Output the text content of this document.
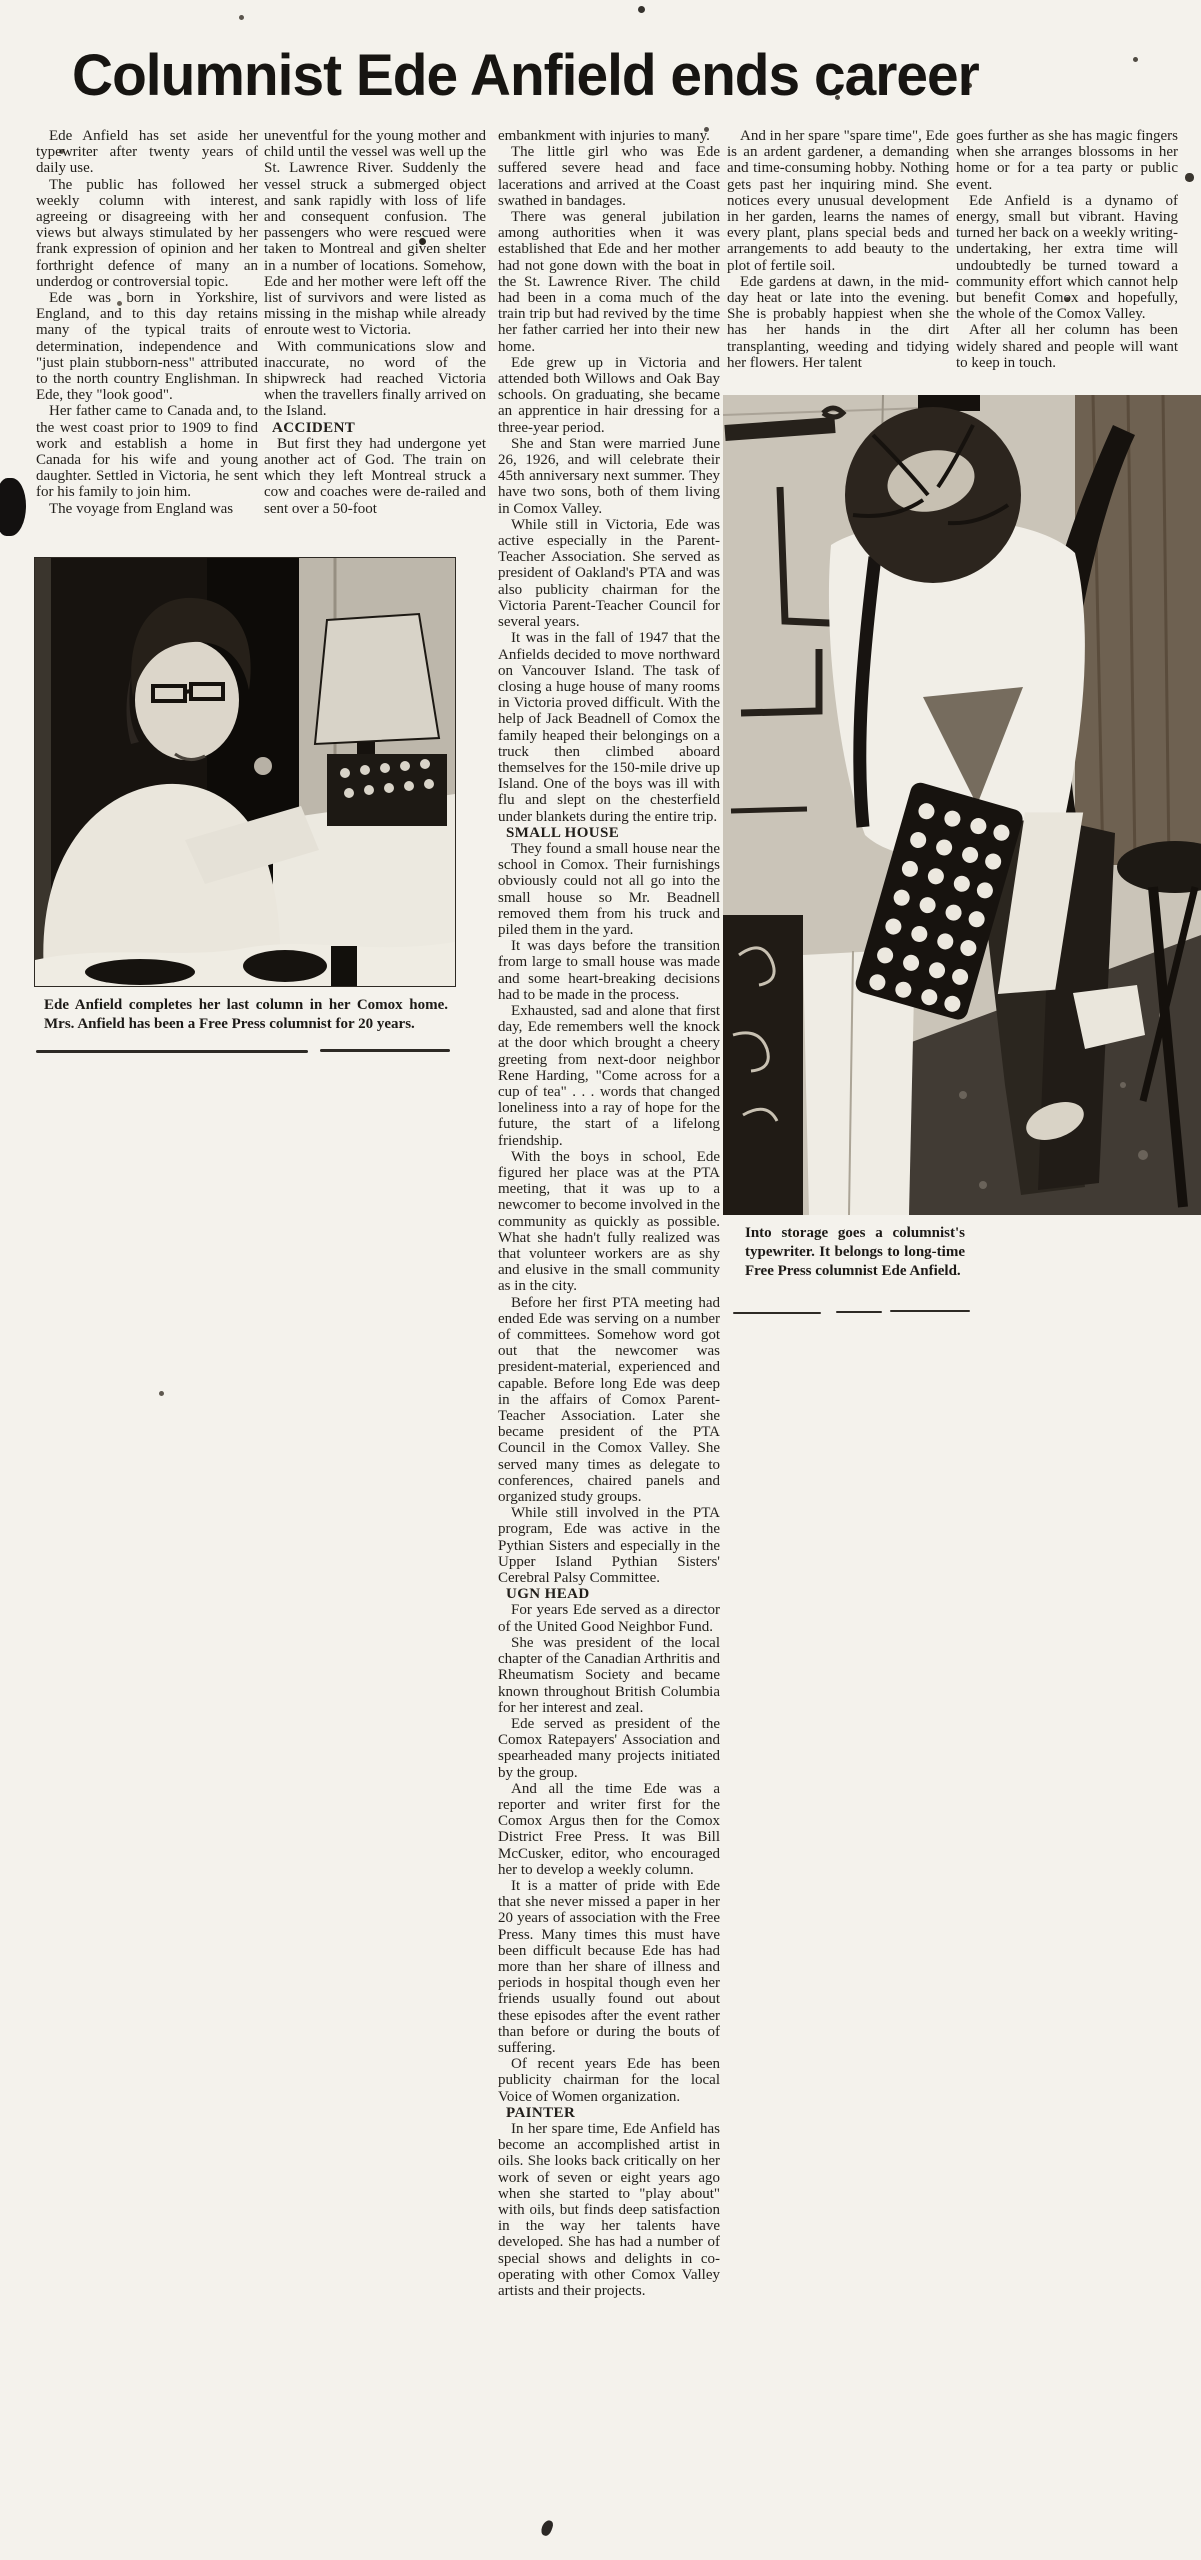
Columnist Ede Anfield ends career

Ede Anfield has set aside her typewriter after twenty years of daily use.

The public has followed her weekly column with interest, agreeing or disagreeing with her views but always stimulated by her frank expression of opinion and her forthright defence of many an underdog or controversial topic.

Ede was born in Yorkshire, England, and to this day retains many of the typical traits of determination, independence and "just plain stubborn-ness" attributed to the north country Englishman. In Ede, they "look good".

Her father came to Canada and, to the west coast prior to 1909 to find work and establish a home in Canada for his wife and young daughter. Settled in Victoria, he sent for his family to join him.

The voyage from England was

uneventful for the young mother and child until the vessel was well up the St. Lawrence River. Suddenly the vessel struck a submerged object and sank rapidly with loss of life and consequent confusion. The passengers who were rescued were taken to Montreal and given shelter in a number of locations. Somehow, Ede and her mother were left off the list of survivors and were listed as missing in the mishap while already enroute west to Victoria.

With communications slow and inaccurate, no word of the shipwreck had reached Victoria when the travellers finally arrived on the Island.

ACCIDENT

But first they had undergone yet another act of God. The train on which they left Montreal struck a cow and coaches were de-railed and sent over a 50-foot

embankment with injuries to many.

The little girl who was Ede suffered severe head and face lacerations and arrived at the Coast swathed in bandages.

There was general jubilation among authorities when it was established that Ede and her mother had not gone down with the boat in the St. Lawrence River. The child had been in a coma much of the train trip but had revived by the time her father carried her into their new home.

Ede grew up in Victoria and attended both Willows and Oak Bay schools. On graduating, she became an apprentice in hair dressing for a three-year period.

She and Stan were married June 26, 1926, and will celebrate their 45th anniversary next summer. They have two sons, both of them living in Comox Valley.

While still in Victoria, Ede was active especially in the Parent-Teacher Association. She served as president of Oakland's PTA and was also publicity chairman for the Victoria Parent-Teacher Council for several years.

It was in the fall of 1947 that the Anfields decided to move northward on Vancouver Island. The task of closing a huge house of many rooms in Victoria proved difficult. With the help of Jack Beadnell of Comox the family heaped their belongings on a truck then climbed aboard themselves for the 150-mile drive up Island. One of the boys was ill with flu and slept on the chesterfield under blankets during the entire trip.

SMALL HOUSE

They found a small house near the school in Comox. Their furnishings obviously could not all go into the small house so Mr. Beadnell removed them from his truck and piled them in the yard.

It was days before the transition from large to small house was made and some heart-breaking decisions had to be made in the process.

Exhausted, sad and alone that first day, Ede remembers well the knock at the door which brought a cheery greeting from next-door neighbor Rene Harding, "Come across for a cup of tea" . . . words that changed loneliness into a ray of hope for the future, the start of a lifelong friendship.

With the boys in school, Ede figured her place was at the PTA meeting, that it was up to a newcomer to become involved in the community as quickly as possible. What she hadn't fully realized was that volunteer workers are as shy and elusive in the small community as in the city.

Before her first PTA meeting had ended Ede was serving on a number of committees. Somehow word got out that the newcomer was president-material, experienced and capable. Before long Ede was deep in the affairs of Comox Parent-Teacher Association. Later she became president of the PTA Council in the Comox Valley. She served many times as delegate to conferences, chaired panels and organized study groups.

While still involved in the PTA program, Ede was active in the Pythian Sisters and especially in the Upper Island Pythian Sisters' Cerebral Palsy Committee.

UGN HEAD

For years Ede served as a director of the United Good Neighbor Fund.

She was president of the local chapter of the Canadian Arthritis and Rheumatism Society and became known throughout British Columbia for her interest and zeal.

Ede served as president of the Comox Ratepayers' Association and spearheaded many projects initiated by the group.

And all the time Ede was a reporter and writer first for the Comox Argus then for the Comox District Free Press. It was Bill McCusker, editor, who encouraged her to develop a weekly column.

It is a matter of pride with Ede that she never missed a paper in her 20 years of association with the Free Press. Many times this must have been difficult because Ede has had more than her share of illness and periods in hospital though even her friends usually found out about these episodes after the event rather than before or during the bouts of suffering.

Of recent years Ede has been publicity chairman for the local Voice of Women organization.

PAINTER

In her spare time, Ede Anfield has become an accomplished artist in oils. She looks back critically on her work of seven or eight years ago when she started to "play about" with oils, but finds deep satisfaction in the way her talents have developed. She has had a number of special shows and delights in co-operating with other Comox Valley artists and their projects.

And in her spare "spare time", Ede is an ardent gardener, a demanding and time-consuming hobby. Nothing gets past her inquiring mind. She notices every unusual development in her garden, learns the names of every plant, plans special beds and arrangements to add beauty to the plot of fertile soil.

Ede gardens at dawn, in the mid-day heat or late into the evening. She is probably happiest when she has her hands in the dirt transplanting, weeding and tidying her flowers. Her talent

goes further as she has magic fingers when she arranges blossoms in her home or for a tea party or public event.

Ede Anfield is a dynamo of energy, small but vibrant. Having turned her back on a weekly writing-undertaking, her extra time will undoubtedly be turned toward a community effort which cannot help but benefit Comox and hopefully, the whole of the Comox Valley.

After all her column has been widely shared and people will want to keep in touch.

Ede Anfield completes her last column in her Comox home. Mrs. Anfield has been a Free Press columnist for 20 years.
Into storage goes a columnist's typewriter. It belongs to long-time Free Press columnist Ede Anfield.
